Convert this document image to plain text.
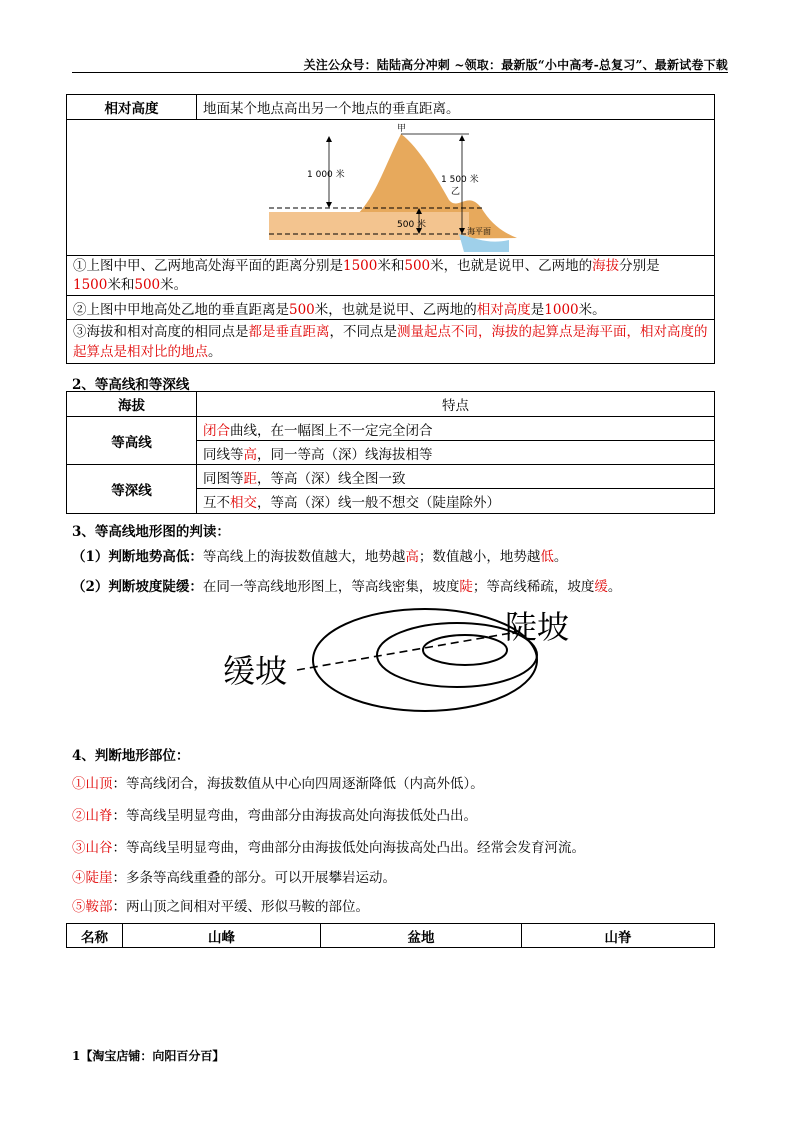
关注公众号：陆陆高分冲刺 ~领取：最新版“小中高考-总复习”、最新试卷下载
相对高度	地面某个地点高出另一个地点的垂直距离。

甲
乙
1 000 米	1 500 米
500 米
海平面

①上图中甲、乙两地高处海平面的距离分别是1500米和500米，也就是说甲、乙两地的海拔分别是
1500米和500米。
②上图中甲地高处乙地的垂直距离是500米，也就是说甲、乙两地的相对高度是1000米。
③海拔和相对高度的相同点是都是垂直距离，不同点是测量起点不同，海拔的起算点是海平面，相对高度的起算点是相对比的地点。
2、等高线和等深线
海拔	特点
等高线	闭合曲线，在一幅图上不一定完全闭合
	同线等高，同一等高（深）线海拔相等
等深线	同图等距，等高（深）线全图一致
	互不相交，等高（深）线一般不想交（陡崖除外）
3、等高线地形图的判读：
（1）判断地势高低：等高线上的海拔数值越大，地势越高；数值越小，地势越低。
（2）判断坡度陡缓：在同一等高线地形图上，等高线密集，坡度陡；等高线稀疏，坡度缓。
陡坡
缓坡
4、判断地形部位：
①山顶：等高线闭合，海拔数值从中心向四周逐渐降低（内高外低）。
②山脊：等高线呈明显弯曲，弯曲部分由海拔高处向海拔低处凸出。
③山谷：等高线呈明显弯曲，弯曲部分由海拔低处向海拔高处凸出。经常会发育河流。
④陡崖：多条等高线重叠的部分。可以开展攀岩运动。
⑤鞍部：两山顶之间相对平缓、形似马鞍的部位。
名称	山峰	盆地	山脊
1【淘宝店铺：向阳百分百】
